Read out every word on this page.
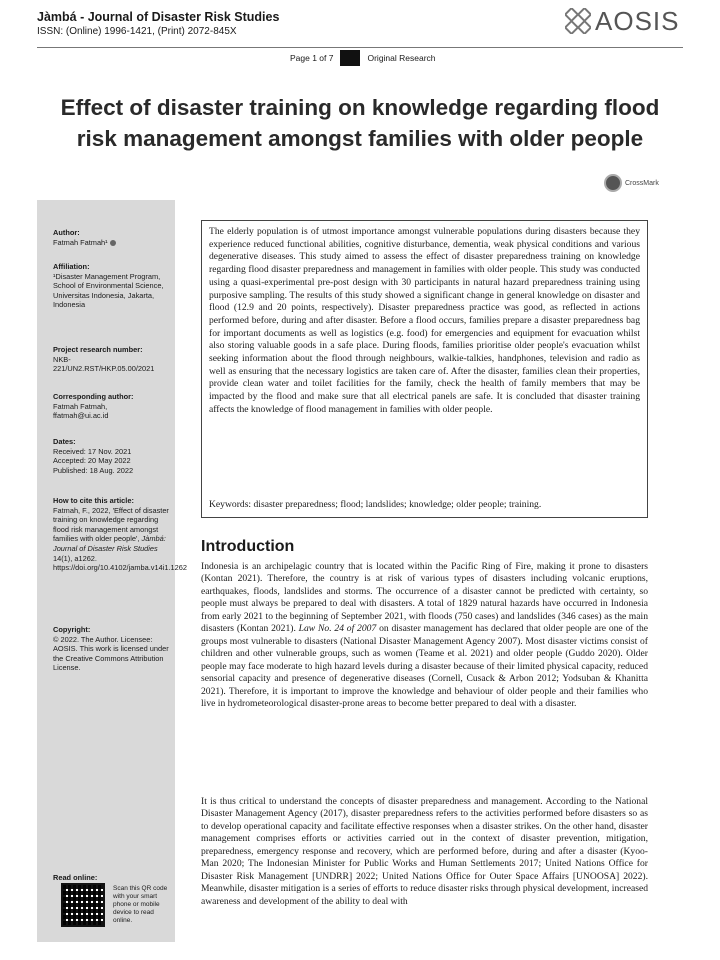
Jàmbá - Journal of Disaster Risk Studies
ISSN: (Online) 1996-1421, (Print) 2072-845X	AOSIS
Page 1 of 7	Original Research
Effect of disaster training on knowledge regarding flood risk management amongst families with older people
CrossMark
Author:
Fatmah Fatmah¹
Affiliation:
¹Disaster Management Program, School of Environmental Science, Universitas Indonesia, Jakarta, Indonesia
Project research number:
NKB-221/UN2.RST/HKP.05.00/2021
Corresponding author:
Fatmah Fatmah,
ffatmah@ui.ac.id
Dates:
Received: 17 Nov. 2021
Accepted: 20 May 2022
Published: 18 Aug. 2022
How to cite this article:
Fatmah, F., 2022, 'Effect of disaster training on knowledge regarding flood risk management amongst families with older people', Jàmbá: Journal of Disaster Risk Studies 14(1), a1262. https://doi.org/10.4102/jamba.v14i1.1262
Copyright:
© 2022. The Author. Licensee: AOSIS. This work is licensed under the Creative Commons Attribution License.
Read online:
Scan this QR code with your smart phone or mobile device to read online.
The elderly population is of utmost importance amongst vulnerable populations during disasters because they experience reduced functional abilities, cognitive disturbance, dementia, weak physical conditions and various degenerative diseases. This study aimed to assess the effect of disaster preparedness training on knowledge regarding flood disaster preparedness and management in families with older people. This study was conducted using a quasi-experimental pre-post design with 30 participants in natural hazard preparedness training using purposive sampling. The results of this study showed a significant change in general knowledge on disaster and flood (12.9 and 20 points, respectively). Disaster preparedness practice was good, as reflected in actions performed before, during and after disaster. Before a flood occurs, families prepare a disaster preparedness bag for important documents as well as logistics (e.g. food) for emergencies and equipment for evacuation whilst also storing valuable goods in a safe place. During floods, families prioritise older people's evacuation whilst seeking information about the flood through neighbours, walkie-talkies, handphones, television and radio as well as ensuring that the necessary logistics are taken care of. After the disaster, families clean their properties, provide clean water and toilet facilities for the family, check the health of family members that may be impacted by the flood and make sure that all electrical panels are safe. It is concluded that disaster training affects the knowledge of flood management in families with older people.
Keywords: disaster preparedness; flood; landslides; knowledge; older people; training.
Introduction
Indonesia is an archipelagic country that is located within the Pacific Ring of Fire, making it prone to disasters (Kontan 2021). Therefore, the country is at risk of various types of disasters including volcanic eruptions, earthquakes, floods, landslides and storms. The occurrence of a disaster cannot be predicted with certainty, so people must always be prepared to deal with disasters. A total of 1829 natural hazards have occurred in Indonesia from early 2021 to the beginning of September 2021, with floods (750 cases) and landslides (346 cases) as the main disasters (Kontan 2021). Law No. 24 of 2007 on disaster management has declared that older people are one of the groups most vulnerable to disasters (National Disaster Management Agency 2007). Most disaster victims consist of children and other vulnerable groups, such as women (Teame et al. 2021) and older people (Guddo 2020). Older people may face moderate to high hazard levels during a disaster because of their limited physical capacity, reduced sensorial capacity and presence of degenerative diseases (Cornell, Cusack & Arbon 2012; Yodsuban & Khanitta 2021). Therefore, it is important to improve the knowledge and behaviour of older people and their families who live in hydrometeorological disaster-prone areas to become better prepared to deal with a disaster.
It is thus critical to understand the concepts of disaster preparedness and management. According to the National Disaster Management Agency (2017), disaster preparedness refers to the activities performed before disasters so as to develop operational capacity and facilitate effective responses when a disaster strikes. On the other hand, disaster management comprises efforts or activities carried out in the context of disaster prevention, mitigation, preparedness, emergency response and recovery, which are performed before, during and after a disaster (Kyoo-Man 2020; The Indonesian Minister for Public Works and Human Settlements 2017; United Nations Office for Disaster Risk Management [UNDRR] 2022; United Nations Office for Outer Space Affairs [UNOOSA] 2022). Meanwhile, disaster mitigation is a series of efforts to reduce disaster risks through physical development, increased awareness and development of the ability to deal with
